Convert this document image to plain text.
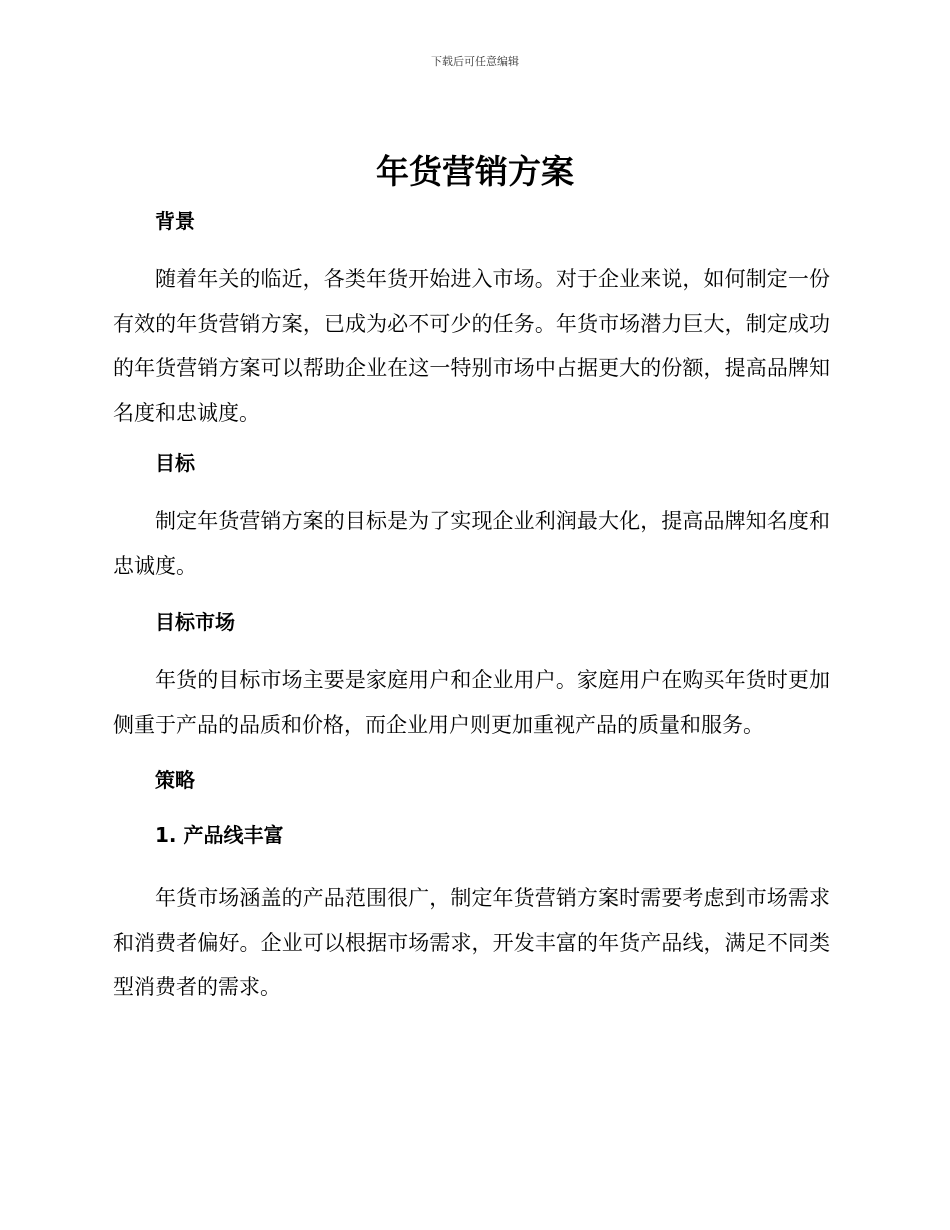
下载后可任意编辑
年货营销方案
背景

随着年关的临近，各类年货开始进入市场。对于企业来说，如何制定一份有效的年货营销方案，已成为必不可少的任务。年货市场潜力巨大，制定成功的年货营销方案可以帮助企业在这一特别市场中占据更大的份额，提高品牌知名度和忠诚度。

目标

制定年货营销方案的目标是为了实现企业利润最大化，提高品牌知名度和忠诚度。

目标市场

年货的目标市场主要是家庭用户和企业用户。家庭用户在购买年货时更加侧重于产品的品质和价格，而企业用户则更加重视产品的质量和服务。

策略
1. 产品线丰富

年货市场涵盖的产品范围很广，制定年货营销方案时需要考虑到市场需求和消费者偏好。企业可以根据市场需求，开发丰富的年货产品线，满足不同类型消费者的需求。
